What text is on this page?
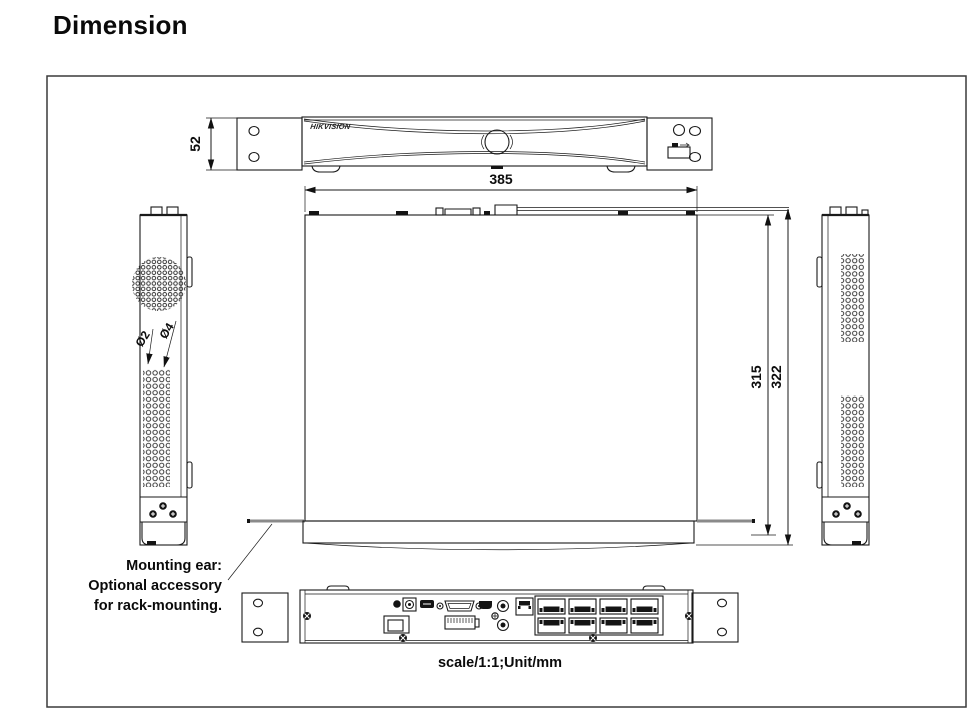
Dimension
52
HIKVISION
385
315 322
Ø2 Ø4
Mounting ear:
Optional accessory
for rack-mounting.
scale/1:1;Unit/mm
